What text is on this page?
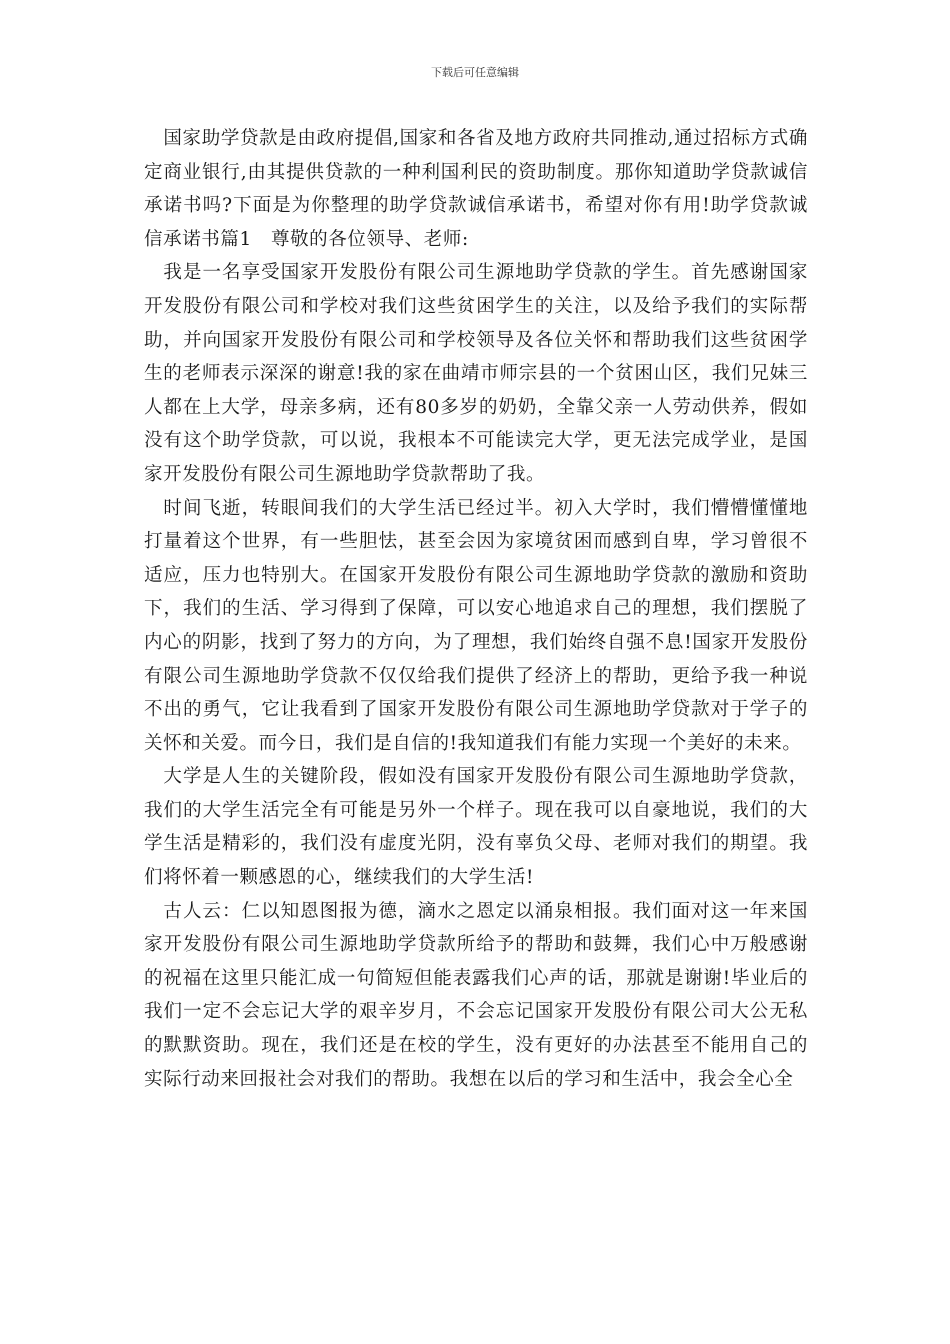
下载后可任意编辑

国家助学贷款是由政府提倡,国家和各省及地方政府共同推动,通过招标方式确定商业银行,由其提供贷款的一种利国利民的资助制度。那你知道助学贷款诚信承诺书吗?下面是为你整理的助学贷款诚信承诺书，希望对你有用!助学贷款诚信承诺书篇1　尊敬的各位领导、老师:

我是一名享受国家开发股份有限公司生源地助学贷款的学生。首先感谢国家开发股份有限公司和学校对我们这些贫困学生的关注，以及给予我们的实际帮助，并向国家开发股份有限公司和学校领导及各位关怀和帮助我们这些贫困学生的老师表示深深的谢意!我的家在曲靖市师宗县的一个贫困山区，我们兄妹三人都在上大学，母亲多病，还有80多岁的奶奶，全靠父亲一人劳动供养，假如没有这个助学贷款，可以说，我根本不可能读完大学，更无法完成学业，是国家开发股份有限公司生源地助学贷款帮助了我。

时间飞逝，转眼间我们的大学生活已经过半。初入大学时，我们懵懵懂懂地打量着这个世界，有一些胆怯，甚至会因为家境贫困而感到自卑，学习曾很不适应，压力也特别大。在国家开发股份有限公司生源地助学贷款的激励和资助下，我们的生活、学习得到了保障，可以安心地追求自己的理想，我们摆脱了内心的阴影，找到了努力的方向，为了理想，我们始终自强不息!国家开发股份有限公司生源地助学贷款不仅仅给我们提供了经济上的帮助，更给予我一种说不出的勇气，它让我看到了国家开发股份有限公司生源地助学贷款对于学子的关怀和关爱。而今日，我们是自信的!我知道我们有能力实现一个美好的未来。

大学是人生的关键阶段，假如没有国家开发股份有限公司生源地助学贷款，我们的大学生活完全有可能是另外一个样子。现在我可以自豪地说，我们的大学生活是精彩的，我们没有虚度光阴，没有辜负父母、老师对我们的期望。我们将怀着一颗感恩的心，继续我们的大学生活!

古人云：仁以知恩图报为德，滴水之恩定以涌泉相报。我们面对这一年来国家开发股份有限公司生源地助学贷款所给予的帮助和鼓舞，我们心中万般感谢的祝福在这里只能汇成一句简短但能表露我们心声的话，那就是谢谢!毕业后的我们一定不会忘记大学的艰辛岁月，不会忘记国家开发股份有限公司大公无私的默默资助。现在，我们还是在校的学生，没有更好的办法甚至不能用自己的实际行动来回报社会对我们的帮助。我想在以后的学习和生活中，我会全心全
